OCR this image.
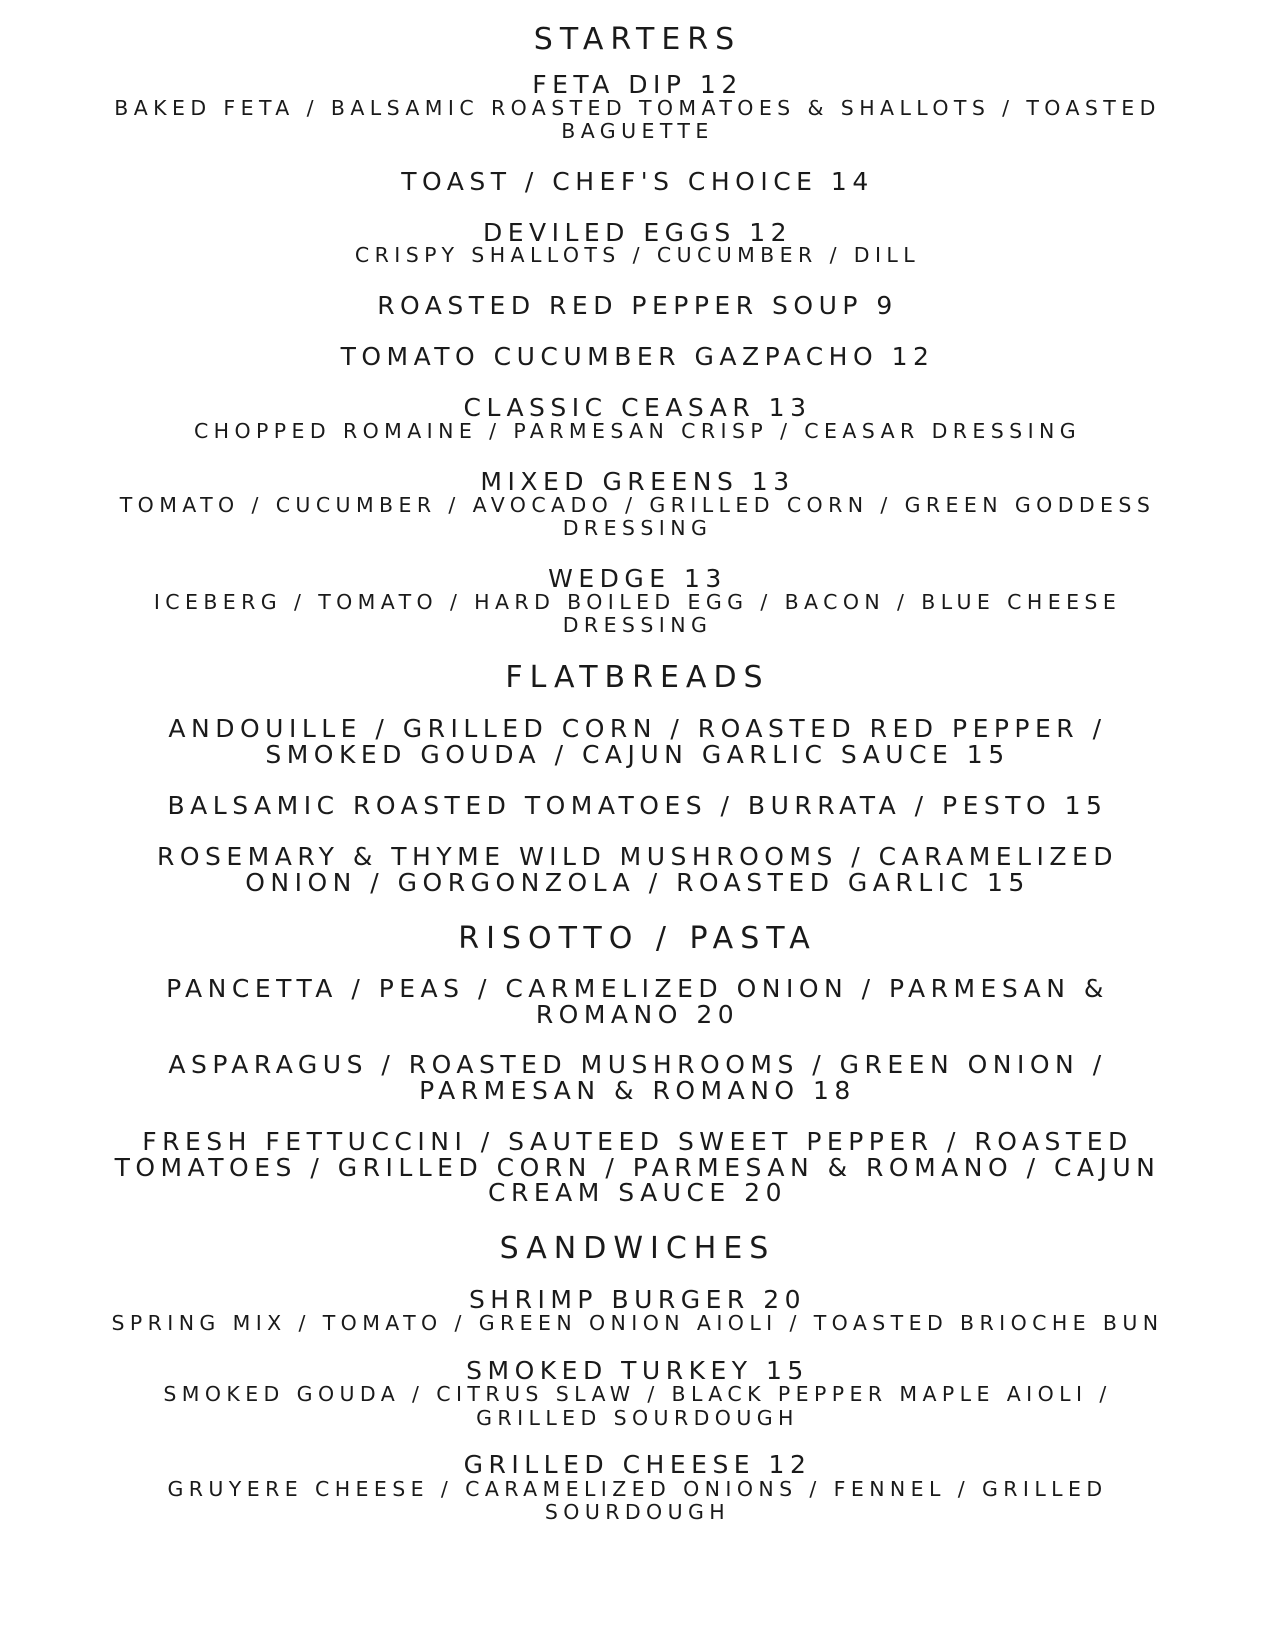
STARTERS
FETA DIP 12
BAKED FETA / BALSAMIC ROASTED TOMATOES & SHALLOTS / TOASTED
BAGUETTE
TOAST / CHEF'S CHOICE 14
DEVILED EGGS 12
CRISPY SHALLOTS / CUCUMBER / DILL
ROASTED RED PEPPER SOUP 9
TOMATO CUCUMBER GAZPACHO 12
CLASSIC CEASAR 13
CHOPPED ROMAINE / PARMESAN CRISP / CEASAR DRESSING
MIXED GREENS 13
TOMATO / CUCUMBER / AVOCADO / GRILLED CORN / GREEN GODDESS
DRESSING
WEDGE 13
ICEBERG / TOMATO / HARD BOILED EGG / BACON / BLUE CHEESE
DRESSING
FLATBREADS
ANDOUILLE / GRILLED CORN / ROASTED RED PEPPER /
SMOKED GOUDA / CAJUN GARLIC SAUCE 15
BALSAMIC ROASTED TOMATOES / BURRATA / PESTO 15
ROSEMARY & THYME WILD MUSHROOMS / CARAMELIZED
ONION / GORGONZOLA / ROASTED GARLIC 15
RISOTTO / PASTA
PANCETTA / PEAS / CARMELIZED ONION / PARMESAN &
ROMANO 20
ASPARAGUS / ROASTED MUSHROOMS / GREEN ONION /
PARMESAN & ROMANO 18
FRESH FETTUCCINI / SAUTEED SWEET PEPPER / ROASTED
TOMATOES / GRILLED CORN / PARMESAN & ROMANO / CAJUN
CREAM SAUCE 20
SANDWICHES
SHRIMP BURGER 20
SPRING MIX / TOMATO / GREEN ONION AIOLI / TOASTED BRIOCHE BUN
SMOKED TURKEY 15
SMOKED GOUDA / CITRUS SLAW / BLACK PEPPER MAPLE AIOLI /
GRILLED SOURDOUGH
GRILLED CHEESE 12
GRUYERE CHEESE / CARAMELIZED ONIONS / FENNEL / GRILLED
SOURDOUGH
